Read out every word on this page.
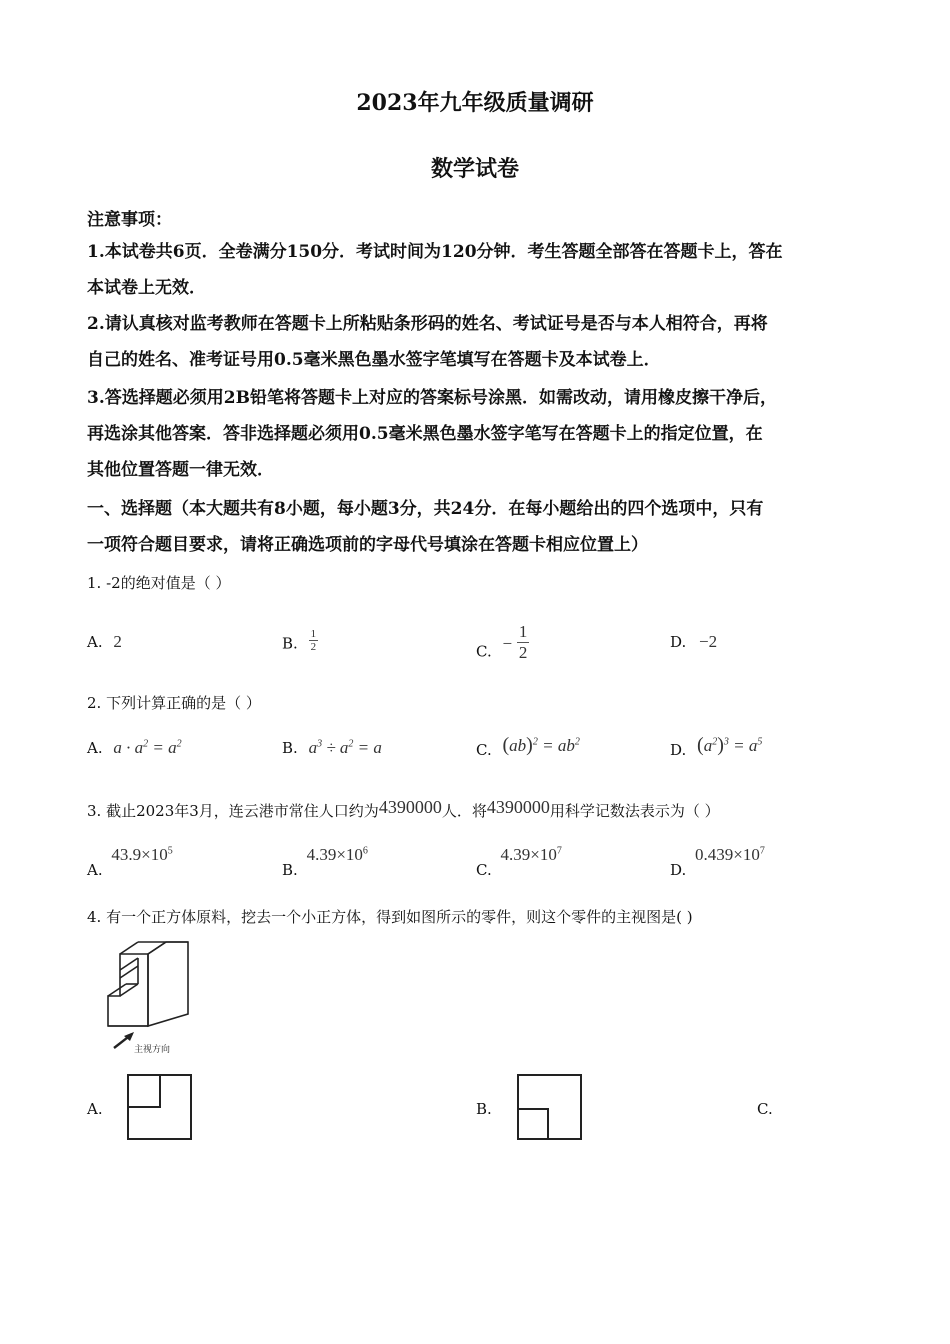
2023年九年级质量调研
数学试卷
注意事项：
1.本试卷共6页．全卷满分150分．考试时间为120分钟．考生答题全部答在答题卡上，答在
本试卷上无效．
2.请认真核对监考教师在答题卡上所粘贴条形码的姓名、考试证号是否与本人相符合，再将
自己的姓名、准考证号用0.5毫米黑色墨水签字笔填写在答题卡及本试卷上．
3.答选择题必须用2B铅笔将答题卡上对应的答案标号涂黑．如需改动，请用橡皮擦干净后，
再选涂其他答案．答非选择题必须用0.5毫米黑色墨水签字笔写在答题卡上的指定位置，在
其他位置答题一律无效．
一、选择题（本大题共有8小题，每小题3分，共24分．在每小题给出的四个选项中，只有
一项符合题目要求，请将正确选项前的字母代号填涂在答题卡相应位置上）
1. -2的绝对值是（ ）
A. 2	B. $\frac{1}{2}$	C. − $\frac{1}{2}$	D. −2
2. 下列计算正确的是（ ）
A. $a \cdot a^2 = a^2$	B. $a^3 \div a^2 = a$	C. $(ab)^2 = ab^2$	D. $(a^2)^3 = a^5$
3. 截止2023年3月，连云港市常住人口约为4390000人．将4390000用科学记数法表示为（ ）
A. $43.9\times 10^5$
B. $4.39\times 10^6$
C. $4.39\times 10^7$
D. $0.439\times 10^7$
4. 有一个正方体原料，挖去一个小正方体，得到如图所示的零件，则这个零件的主视图是( )
主视方向
A.	B.	C.
